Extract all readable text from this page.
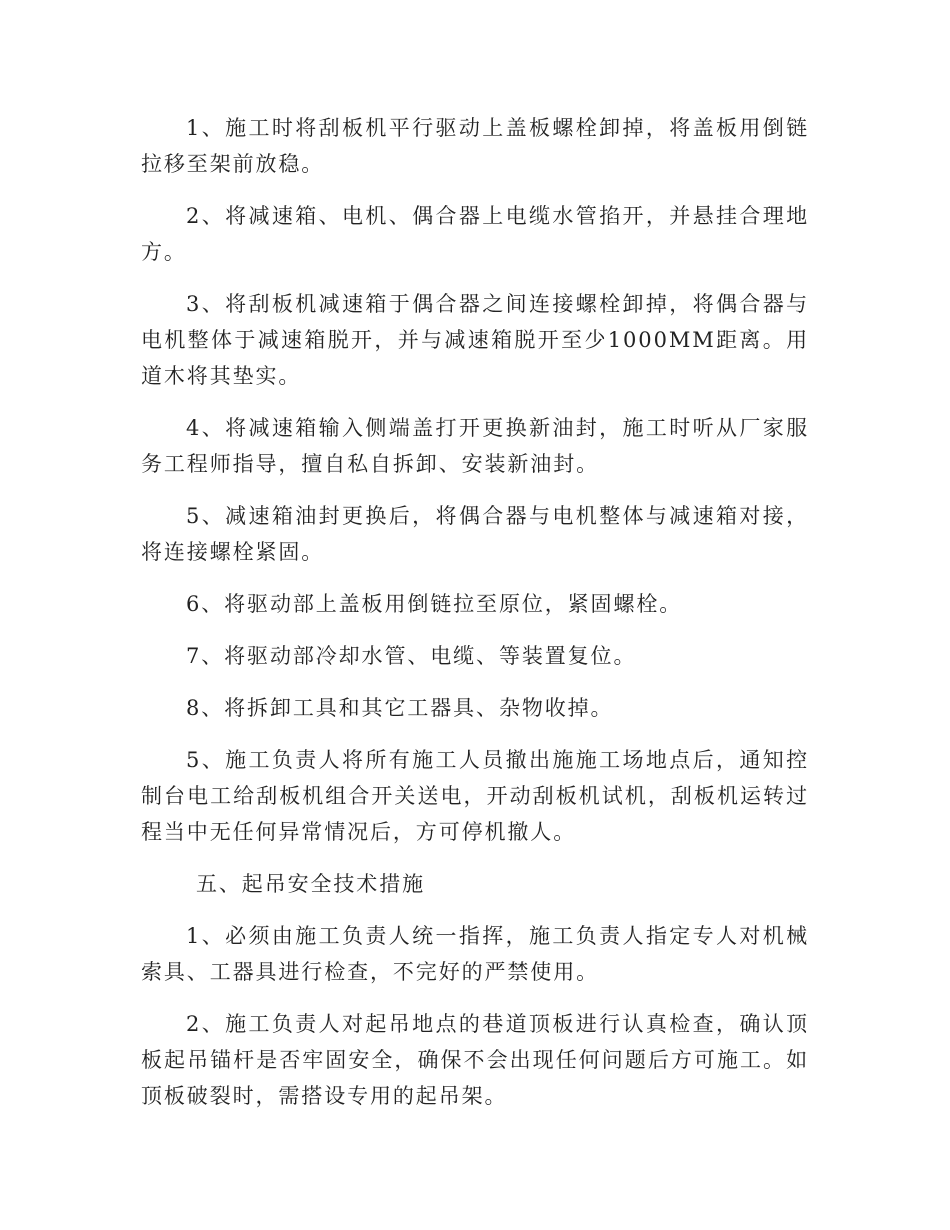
1、施工时将刮板机平行驱动上盖板螺栓卸掉，将盖板用倒链拉移至架前放稳。

2、将减速箱、电机、偶合器上电缆水管掐开，并悬挂合理地方。

3、将刮板机减速箱于偶合器之间连接螺栓卸掉，将偶合器与电机整体于减速箱脱开，并与减速箱脱开至少1000MM距离。用道木将其垫实。

4、将减速箱输入侧端盖打开更换新油封，施工时听从厂家服务工程师指导，擅自私自拆卸、安装新油封。

5、减速箱油封更换后，将偶合器与电机整体与减速箱对接，将连接螺栓紧固。

6、将驱动部上盖板用倒链拉至原位，紧固螺栓。

7、将驱动部冷却水管、电缆、等装置复位。

8、将拆卸工具和其它工器具、杂物收掉。

5、施工负责人将所有施工人员撤出施施工场地点后，通知控制台电工给刮板机组合开关送电，开动刮板机试机，刮板机运转过程当中无任何异常情况后，方可停机撤人。

五、起吊安全技术措施

1、必须由施工负责人统一指挥，施工负责人指定专人对机械索具、工器具进行检查，不完好的严禁使用。

2、施工负责人对起吊地点的巷道顶板进行认真检查，确认顶板起吊锚杆是否牢固安全，确保不会出现任何问题后方可施工。如顶板破裂时，需搭设专用的起吊架。
